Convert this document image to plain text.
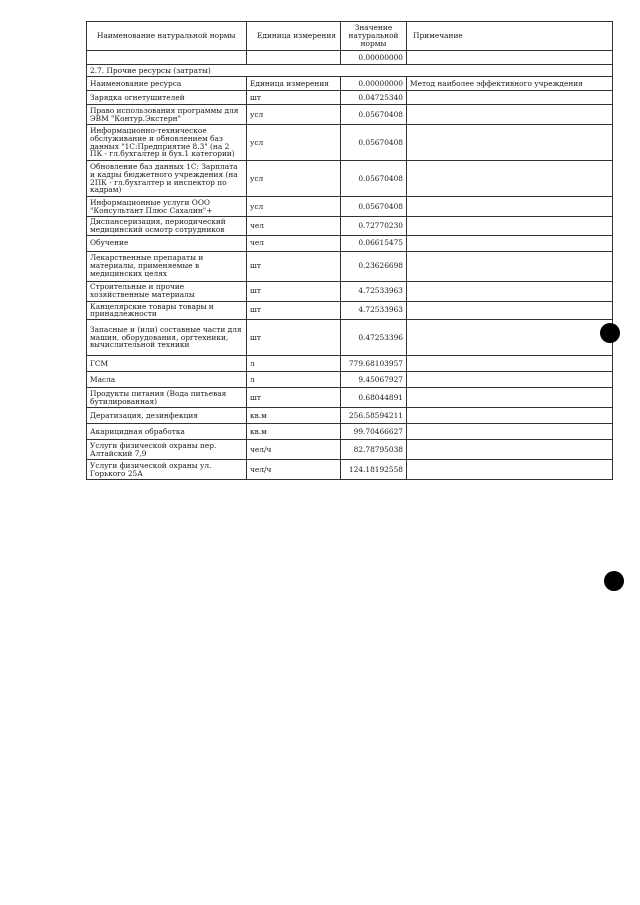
Наименование натуральной нормы	Единица измерения	Значение натуральной нормы	Примечание
		0.00000000	
2.7. Прочие ресурсы (затраты)			
Наименование ресурса	Единица измерения	0.00000000	Метод наиболее эффективного учреждения
Зарядка огнетушителей	шт	0.04725340	
Право использования программы для ЭВМ "Контур.Экстерн"	усл	0.05670408	
Информационно-техническое обслуживание и обновлением баз данных "1С:Предприятие 8.3" (на 2 ПК - гл.бухгалтер и бух.1 категории)	усл	0.05670408	
Обновление баз данных 1С: Зарплата и кадры бюджетного учреждения (на 2ПК - гл.бухгалтер и инспектор по кадрам)	усл	0.05670408	
Информационные услуги ООО "Консультант Плюс Сахалин"+	усл	0.05670408	
Диспансеризация, периодический медицинский осмотр сотрудников	чел	0.72770230	
Обучение	чел	0.06615475	
Лекарственные препараты и материалы, применяемые в медицинских целях	шт	0.23626698	
Строительные и прочие хозяйственные материалы	шт	4.72533963	
Канцелярские товары товары и принадлежности	шт	4.72533963	
Запасные и (или) составные части для машин, оборудования, оргтехники, вычислительной техники	шт	0.47253396	
ГСМ	л	779.68103957	
Масла	л	9.45067927	
Продукты питания (Вода питьевая бутилированная)	шт	0.68044891	
Дератизация, дезинфекция	кв.м	256.58594211	
Акарицидная обработка	кв.м	99.70466627	
Услуги физической охраны пер. Алтайский 7,9	чел/ч	82.78795038	
Услуги физической охраны ул. Горького 25А	чел/ч	124.18192558	
